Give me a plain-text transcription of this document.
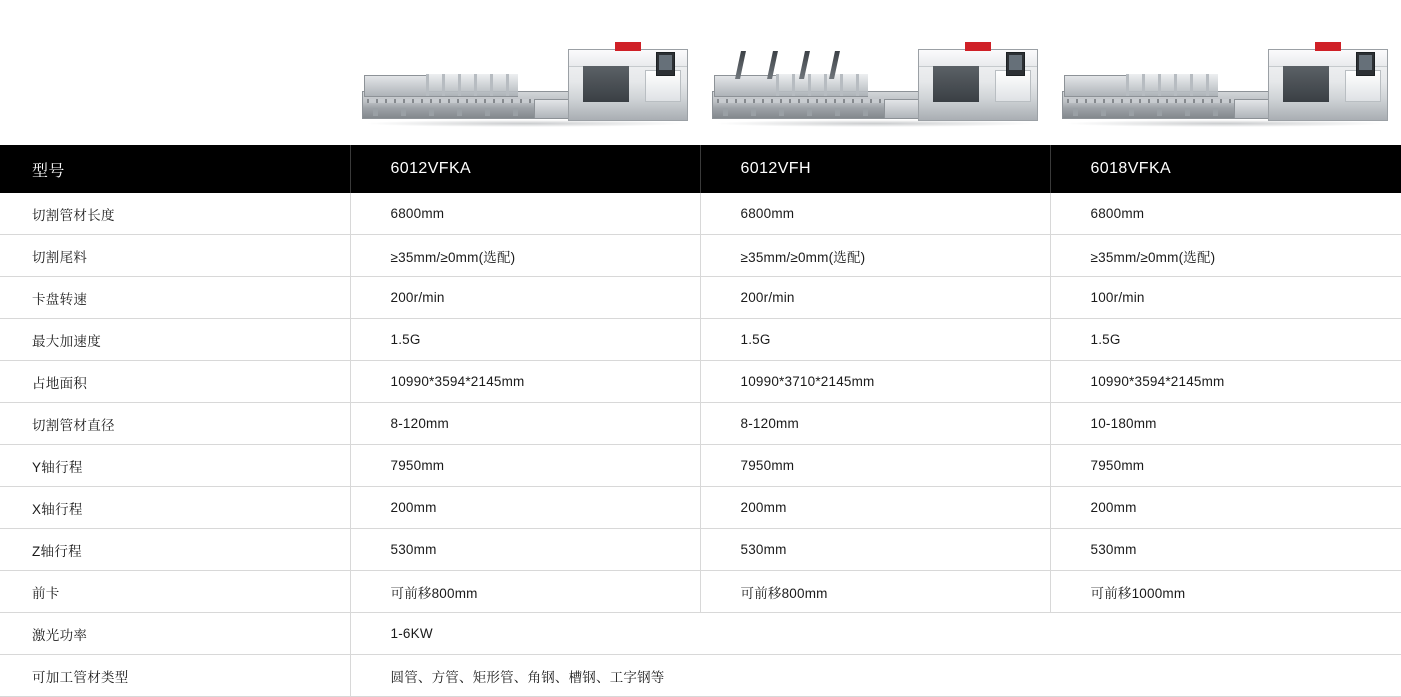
型号	6012VFKA	6012VFH	6018VFKA
切割管材长度	6800mm	6800mm	6800mm
切割尾料	≥35mm/≥0mm(选配)	≥35mm/≥0mm(选配)	≥35mm/≥0mm(选配)
卡盘转速	200r/min	200r/min	100r/min
最大加速度	1.5G	1.5G	1.5G
占地面积	10990*3594*2145mm	10990*3710*2145mm	10990*3594*2145mm
切割管材直径	8-120mm	8-120mm	10-180mm
Y轴行程	7950mm	7950mm	7950mm
X轴行程	200mm	200mm	200mm
Z轴行程	530mm	530mm	530mm
前卡	可前移800mm	可前移800mm	可前移1000mm
激光功率	1-6KW		
可加工管材类型	圆管、方管、矩形管、角钢、槽钢、工字钢等		
